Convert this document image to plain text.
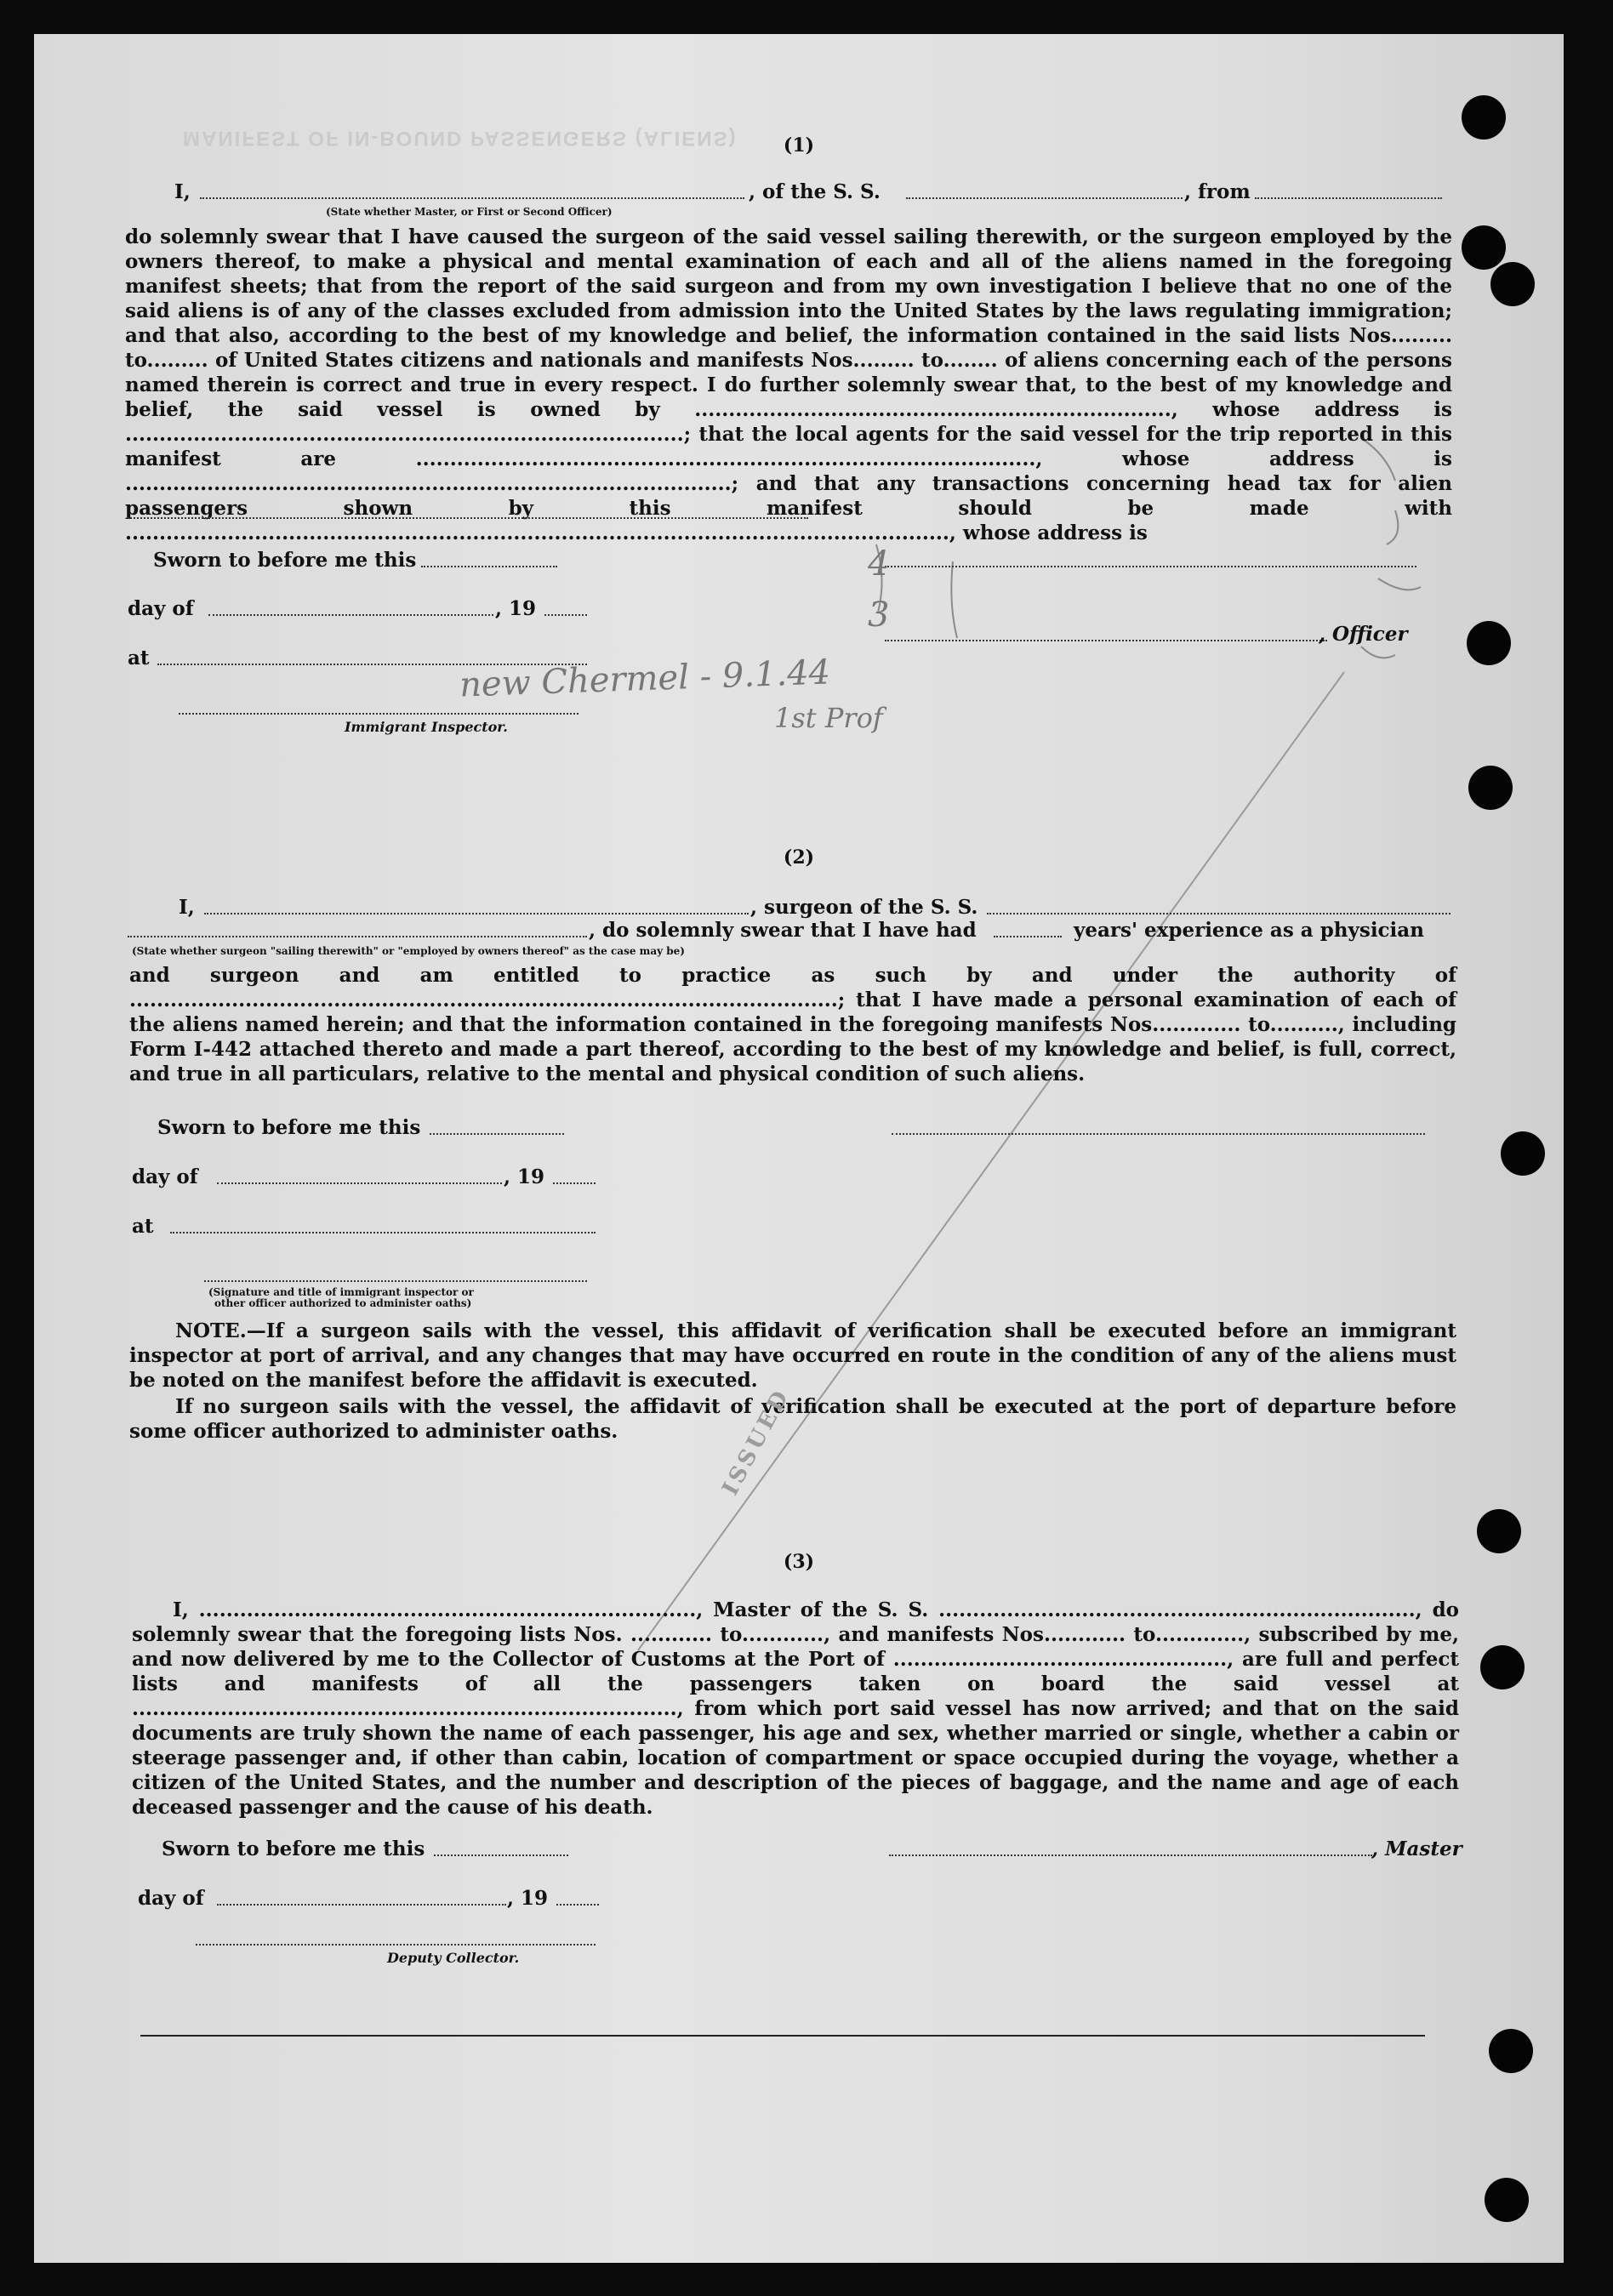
MANIFEST OF IN-BOUND PASSENGERS (ALIENS)	(1)
I,	, of the S. S.	, from
(State whether Master, or First or Second Officer)

do solemnly swear that I have caused the surgeon of the said vessel sailing therewith, or the surgeon employed by the owners thereof, to make a physical and mental examination of each and all of the aliens named in the foregoing manifest sheets; that from the report of the said surgeon and from my own investigation I believe that no one of the said aliens is of any of the classes excluded from admission into the United States by the laws regulating immigration; and that also, according to the best of my knowledge and belief, the information contained in the said lists Nos......... to......... of United States citizens and nationals and manifests Nos......... to........ of aliens concerning each of the persons named therein is correct and true in every respect. I do further solemnly swear that, to the best of my knowledge and belief, the said vessel is owned by ......................................................................, whose address is ..................................................................................; that the local agents for the said vessel for the trip reported in this manifest are ..........................................................................................., whose address is .........................................................................................; and that any transactions concerning head tax for alien passengers shown by this manifest should be made with ........................................................................................................................., whose address is

Sworn to before me this
day of	, 19
, Officer
at
Immigrant Inspector.
new Chermel - 9.1.44
1st Prof
4
3
(2)
I,	, surgeon of the S. S.
, do solemnly swear that I have had	years' experience as a physician
(State whether surgeon "sailing therewith" or "employed by owners thereof" as the case may be)

and surgeon and am entitled to practice as such by and under the authority of ........................................................................................................; that I have made a personal examination of each of the aliens named herein; and that the information contained in the foregoing manifests Nos............. to.........., including Form I-442 attached thereto and made a part thereof, according to the best of my knowledge and belief, is full, correct, and true in all particulars, relative to the mental and physical condition of such aliens.

Sworn to before me this
day of	, 19
at
(Signature and title of immigrant inspector or
other officer authorized to administer oaths)

NOTE.—If a surgeon sails with the vessel, this affidavit of verification shall be executed before an immigrant inspector at port of arrival, and any changes that may have occurred en route in the condition of any of the aliens must be noted on the manifest before the affidavit is executed.

If no surgeon sails with the vessel, the affidavit of verification shall be executed at the port of departure before some officer authorized to administer oaths.	ISSUED
(3)

I, ........................................................................., Master of the S. S. ......................................................................, do solemnly swear that the foregoing lists Nos. ............ to............, and manifests Nos............ to............., subscribed by me, and now delivered by me to the Collector of Customs at the Port of ................................................., are full and perfect lists and manifests of all the passengers taken on board the said vessel at ................................................................................, from which port said vessel has now arrived; and that on the said documents are truly shown the name of each passenger, his age and sex, whether married or single, whether a cabin or steerage passenger and, if other than cabin, location of compartment or space occupied during the voyage, whether a citizen of the United States, and the number and description of the pieces of baggage, and the name and age of each deceased passenger and the cause of his death.

Sworn to before me this	, Master
day of	, 19
Deputy Collector.
